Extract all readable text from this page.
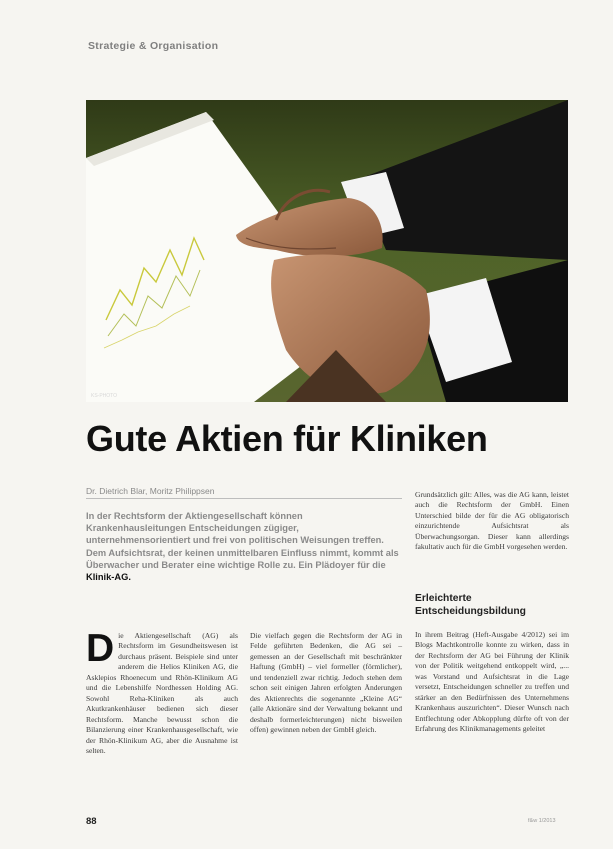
Strategie & Organisation
KS-PHOTO
Gute Aktien für Kliniken
Dr. Dietrich Blar, Moritz Philippsen
In der Rechtsform der Aktiengesellschaft können Krankenhausleitungen Entscheidungen zügiger, unternehmensorientiert und frei von politischen Weisungen treffen. Dem Aufsichtsrat, der keinen unmittelbaren Einfluss nimmt, kommt als Überwacher und Berater eine wichtige Rolle zu. Ein Plädoyer für die Klinik-AG.
D ie Aktiengesellschaft (AG) als Rechtsform im Gesundheitswesen ist durchaus präsent. Beispiele sind unter anderem die Helios Kliniken AG, die Asklepios Rhoenecum und Rhön-Klinikum AG und die Lebenshilfe Nordhessen Holding AG. Sowohl Reha-Kliniken als auch Akutkrankenhäuser bedienen sich dieser Rechtsform. Manche bewusst schon die Bilanzierung einer Krankenhausgesellschaft, wie der Rhön-Klinikum AG, aber die Ausnahme ist selten.
Die vielfach gegen die Rechtsform der AG in Felde geführten Bedenken, die AG sei – gemessen an der Gesellschaft mit beschränkter Haftung (GmbH) – viel formeller (förmlicher), und tendenziell zwar richtig. Jedoch stehen dem schon seit einigen Jahren erfolgten Änderungen des Aktienrechts die sogenannte „Kleine AG“ (alle Aktionäre sind der Verwaltung bekannt und deshalb formerleichterungen) nicht bisweilen offen) gewinnen neben der GmbH gleich.
Grundsätzlich gilt: Alles, was die AG kann, leistet auch die Rechtsform der GmbH. Einen Unterschied bilde der für die AG obligatorisch einzurichtende Aufsichtsrat als Überwachungsorgan. Dieser kann allerdings fakultativ auch für die GmbH vorgesehen werden.
Erleichterte Entscheidungsbildung
In ihrem Beitrag (Heft-Ausgabe 4/2012) sei im Blogs Machtkontrolle konnte zu wirken, dass in der Rechtsform der AG bei Führung der Klinik von der Politik weitgehend entkoppelt wird, „... was Vorstand und Aufsichtsrat in die Lage versetzt, Entscheidungen schneller zu treffen und stärker an den Bedürfnissen des Unternehmens Krankenhaus auszurichten“. Dieser Wunsch nach Entflechtung oder Abkopplung dürfte oft von der Erfahrung des Klinikmanagements geleitet
88	f&w 1/2013
